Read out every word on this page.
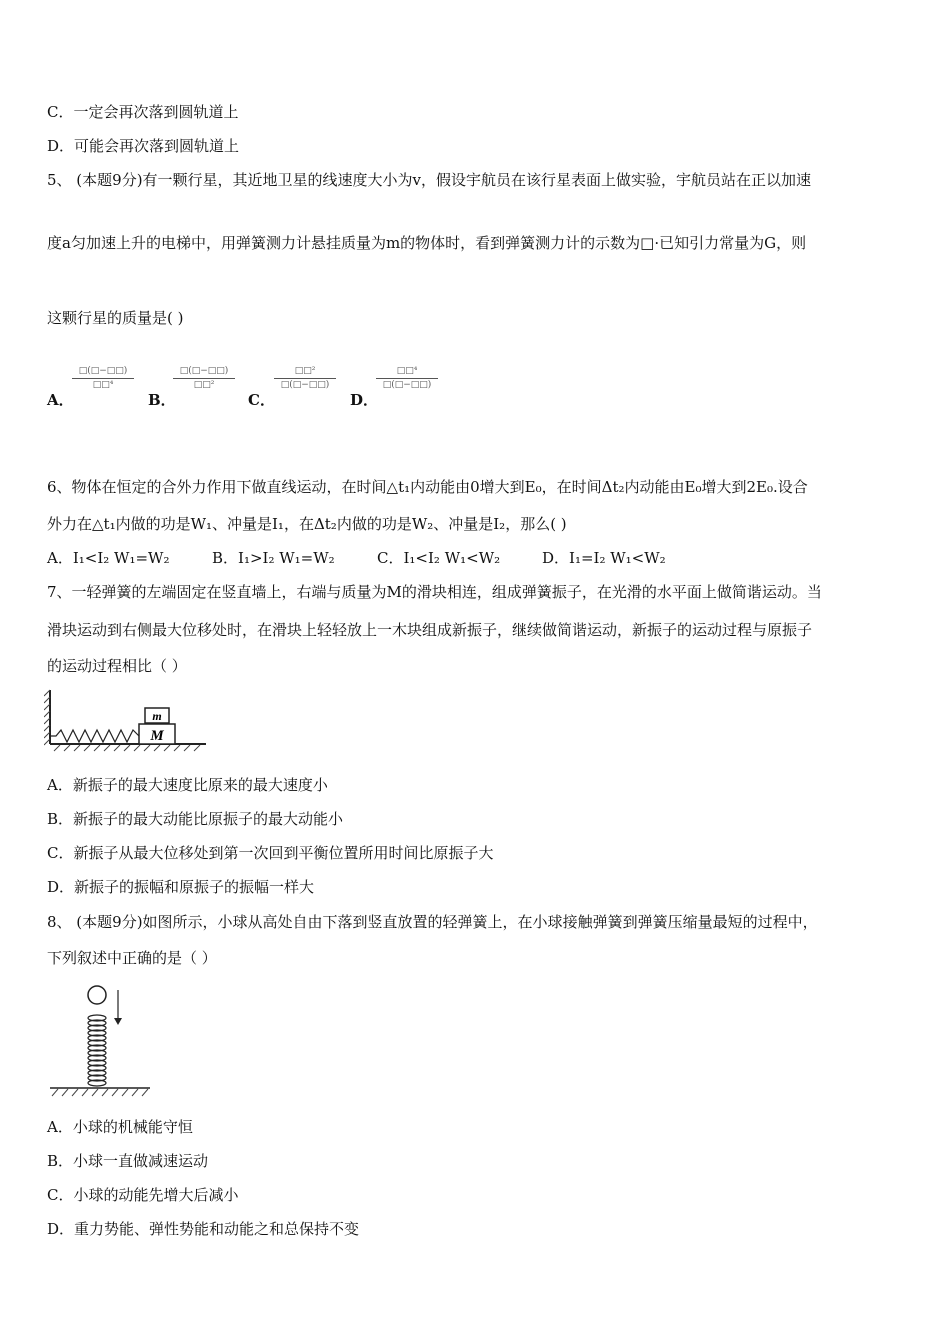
C．一定会再次落到圆轨道上
D．可能会再次落到圆轨道上
5、 (本题9分)有一颗行星，其近地卫星的线速度大小为v，假设宇航员在该行星表面上做实验，宇航员站在正以加速
度a匀加速上升的电梯中，用弹簧测力计悬挂质量为m的物体时，看到弹簧测力计的示数为□·已知引力常量为G，则
这颗行星的质量是( )
A．
□(□−□□)
□□⁴
B．
□(□−□□)
□□²
C．
□□²
□(□−□□)
D．
□□⁴
□(□−□□)
6、物体在恒定的合外力作用下做直线运动，在时间△t₁内动能由0增大到E₀，在时间Δt₂内动能由E₀增大到2E₀.设合
外力在△t₁内做的功是W₁、冲量是I₁，在Δt₂内做的功是W₂、冲量是I₂，那么( )
A．I₁<I₂ W₁=W₂	B．I₁>I₂ W₁=W₂	C．I₁<I₂ W₁<W₂	D．I₁=I₂ W₁<W₂
7、一轻弹簧的左端固定在竖直墙上，右端与质量为M的滑块相连，组成弹簧振子，在光滑的水平面上做简谐运动。当
滑块运动到右侧最大位移处时，在滑块上轻轻放上一木块组成新振子，继续做简谐运动，新振子的运动过程与原振子
的运动过程相比（ ）
m
M
A．新振子的最大速度比原来的最大速度小
B．新振子的最大动能比原振子的最大动能小
C．新振子从最大位移处到第一次回到平衡位置所用时间比原振子大
D．新振子的振幅和原振子的振幅一样大
8、 (本题9分)如图所示，小球从高处自由下落到竖直放置的轻弹簧上，在小球接触弹簧到弹簧压缩量最短的过程中，
下列叙述中正确的是（ ）
A．小球的机械能守恒
B．小球一直做减速运动
C．小球的动能先增大后减小
D．重力势能、弹性势能和动能之和总保持不变
